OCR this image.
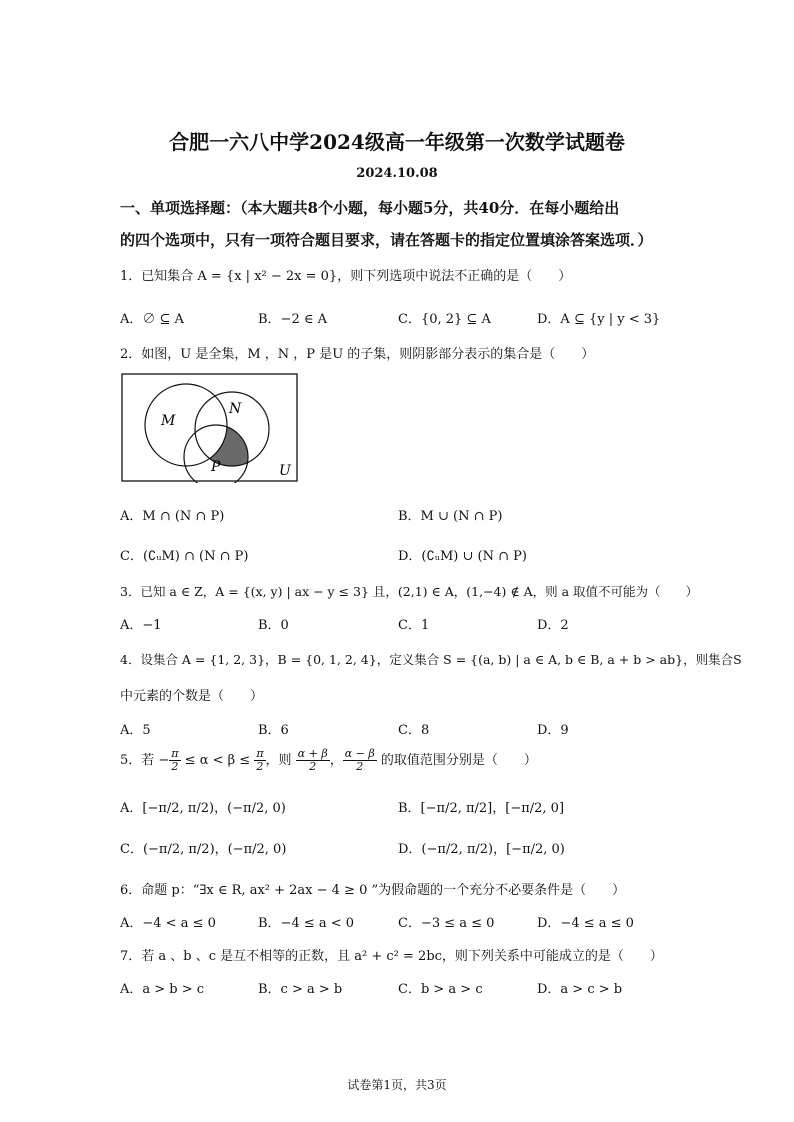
合肥一六八中学2024级高一年级第一次数学试题卷
2024.10.08
一、单项选择题：（本大题共8个小题，每小题5分，共40分．在每小题给出
的四个选项中，只有一项符合题目要求，请在答题卡的指定位置填涂答案选项．）
1．已知集合 A = {x | x² − 2x = 0}，则下列选项中说法不正确的是（　　）
A．∅ ⊆ A	B．−2 ∈ A	C．{0, 2} ⊆ A	D．A ⊆ {y | y < 3}
2．如图，U 是全集，M ，N ，P 是U 的子集，则阴影部分表示的集合是（　　）
M
N
P	U
A．M ∩ (N ∩ P)	B．M ∪ (N ∩ P)
C．(∁ᵤM) ∩ (N ∩ P)	D．(∁ᵤM) ∪ (N ∩ P)
3．已知 a ∈ Z，A = {(x, y) | ax − y ≤ 3} 且，(2,1) ∈ A，(1,−4) ∉ A，则 a 取值不可能为（　　）
A．−1	B．0	C．1	D．2
4．设集合 A = {1, 2, 3}，B = {0, 1, 2, 4}，定义集合 S = {(a, b) | a ∈ A, b ∈ B, a + b > ab}，则集合S
中元素的个数是（　　）
A．5	B．6	C．8	D．9
5．若 − $\frac{\pi}{2} \le \alpha < \beta \le \frac{\pi}{2}$ ，则 $\frac{\alpha + \beta}{2}$ ， $\frac{\alpha - \beta}{2}$ 的取值范围分别是（　　）
A．[−π/2, π/2)，(−π/2, 0)	B．[−π/2, π/2]，[−π/2, 0]
C．(−π/2, π/2)，(−π/2, 0)	D．(−π/2, π/2)，[−π/2, 0)
6．命题 p：“∃x ∈ R, ax² + 2ax − 4 ≥ 0 ”为假命题的一个充分不必要条件是（　　）
A．−4 < a ≤ 0	B．−4 ≤ a < 0	C．−3 ≤ a ≤ 0	D．−4 ≤ a ≤ 0
7．若 a 、b 、c 是互不相等的正数，且 a² + c² = 2bc，则下列关系中可能成立的是（　　）
A．a > b > c	B．c > a > b	C．b > a > c	D．a > c > b
试卷第1页，共3页
